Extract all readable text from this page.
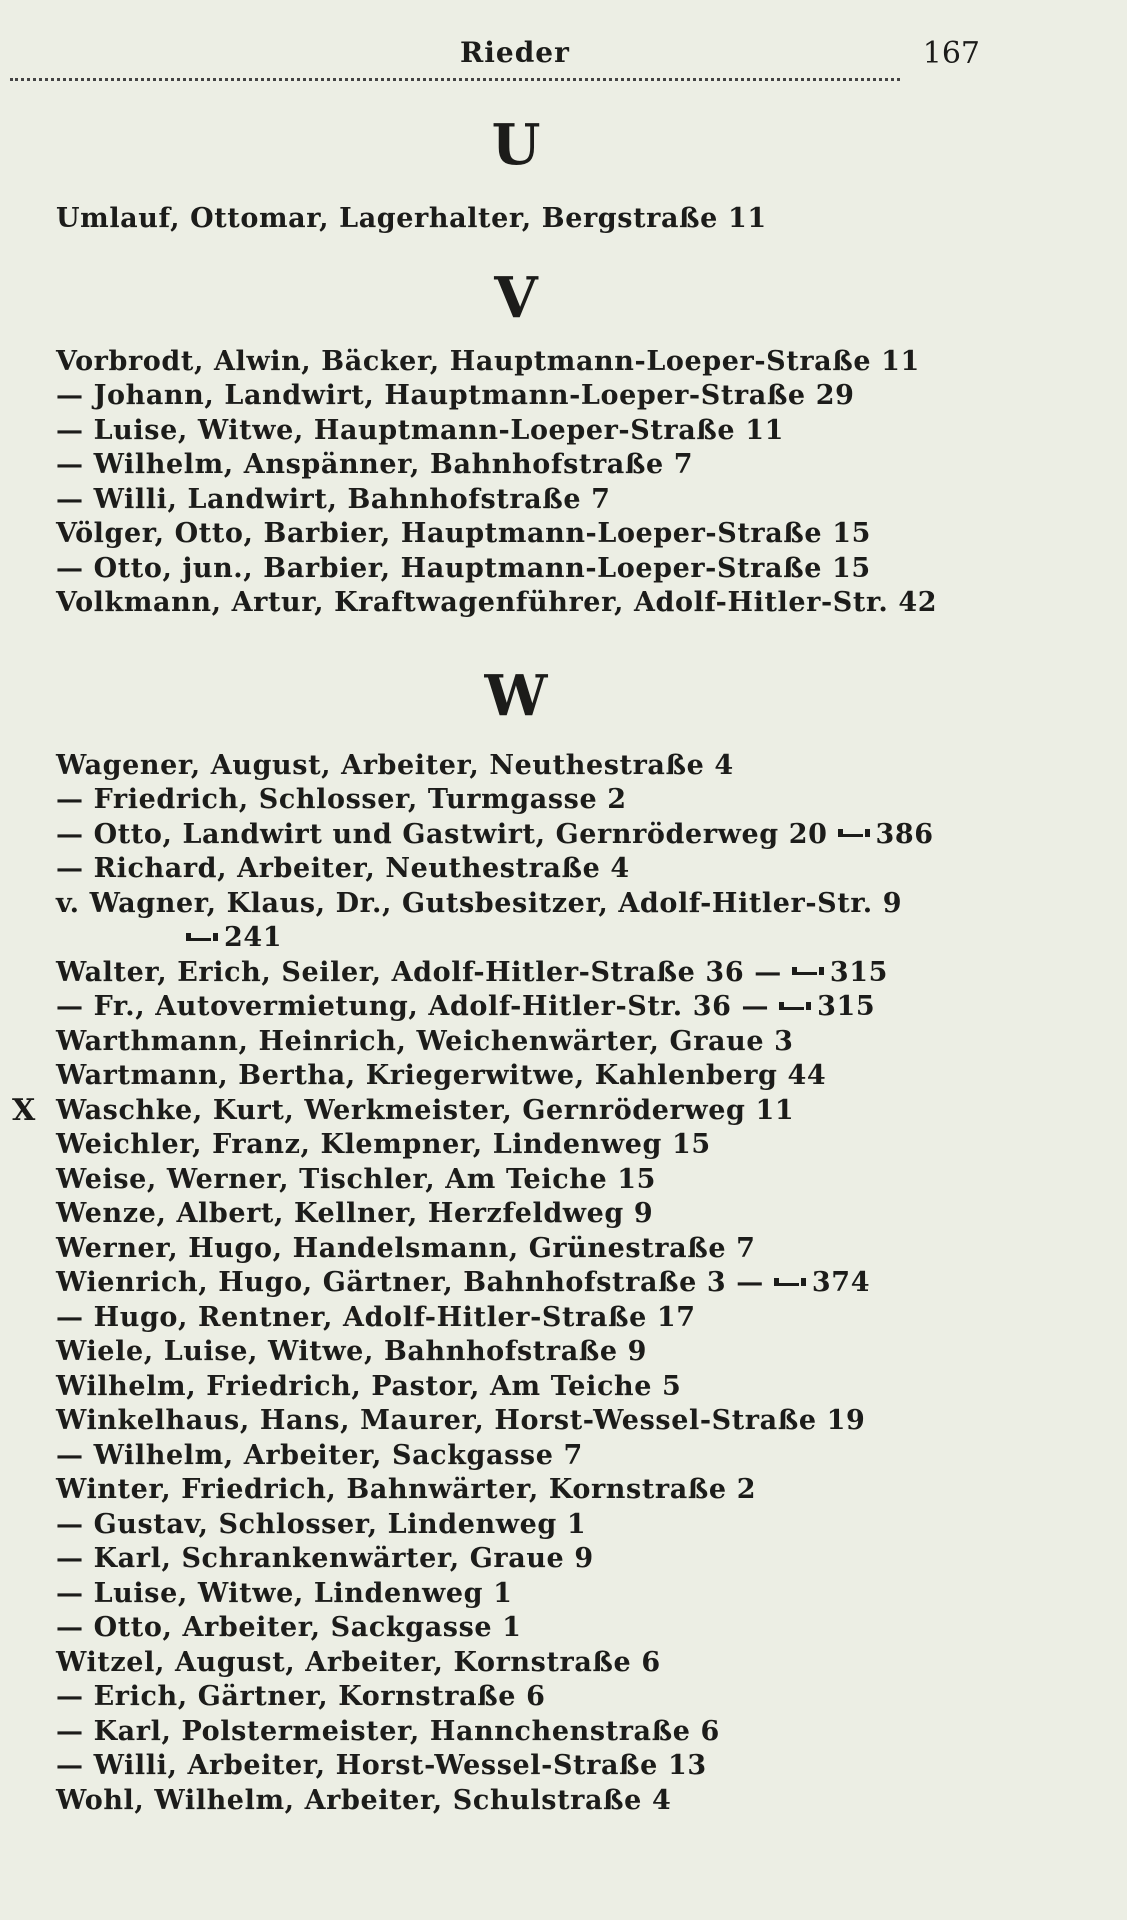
Rieder	167
U
Umlauf, Ottomar, Lagerhalter, Bergstraße 11
V
Vorbrodt, Alwin, Bäcker, Hauptmann-Loeper-Straße 11
— Johann, Landwirt, Hauptmann-Loeper-Straße 29
— Luise, Witwe, Hauptmann-Loeper-Straße 11
— Wilhelm, Anspänner, Bahnhofstraße 7
— Willi, Landwirt, Bahnhofstraße 7
Völger, Otto, Barbier, Hauptmann-Loeper-Straße 15
— Otto, jun., Barbier, Hauptmann-Loeper-Straße 15
Volkmann, Artur, Kraftwagenführer, Adolf-Hitler-Str. 42
W
Wagener, August, Arbeiter, Neuthestraße 4
— Friedrich, Schlosser, Turmgasse 2
— Otto, Landwirt und Gastwirt, Gernröderweg 20 386
— Richard, Arbeiter, Neuthestraße 4
v. Wagner, Klaus, Dr., Gutsbesitzer, Adolf-Hitler-Str. 9
241
Walter, Erich, Seiler, Adolf-Hitler-Straße 36 — 315
— Fr., Autovermietung, Adolf-Hitler-Str. 36 — 315
Warthmann, Heinrich, Weichenwärter, Graue 3
Wartmann, Bertha, Kriegerwitwe, Kahlenberg 44
X Waschke, Kurt, Werkmeister, Gernröderweg 11
Weichler, Franz, Klempner, Lindenweg 15
Weise, Werner, Tischler, Am Teiche 15
Wenze, Albert, Kellner, Herzfeldweg 9
Werner, Hugo, Handelsmann, Grünestraße 7
Wienrich, Hugo, Gärtner, Bahnhofstraße 3 — 374
— Hugo, Rentner, Adolf-Hitler-Straße 17
Wiele, Luise, Witwe, Bahnhofstraße 9
Wilhelm, Friedrich, Pastor, Am Teiche 5
Winkelhaus, Hans, Maurer, Horst-Wessel-Straße 19
— Wilhelm, Arbeiter, Sackgasse 7
Winter, Friedrich, Bahnwärter, Kornstraße 2
— Gustav, Schlosser, Lindenweg 1
— Karl, Schrankenwärter, Graue 9
— Luise, Witwe, Lindenweg 1
— Otto, Arbeiter, Sackgasse 1
Witzel, August, Arbeiter, Kornstraße 6
— Erich, Gärtner, Kornstraße 6
— Karl, Polstermeister, Hannchenstraße 6
— Willi, Arbeiter, Horst-Wessel-Straße 13
Wohl, Wilhelm, Arbeiter, Schulstraße 4
